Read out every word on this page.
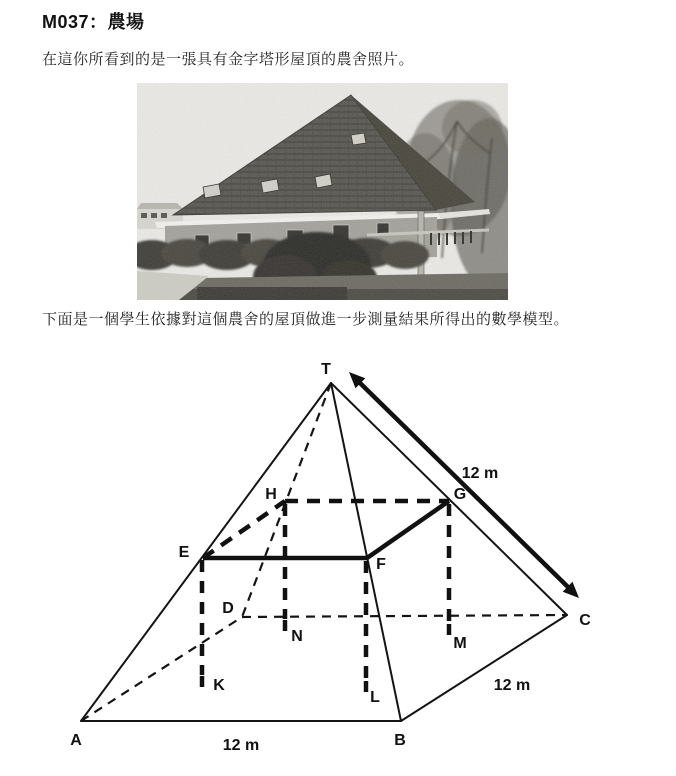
M037：農場
在這你所看到的是一張具有金字塔形屋頂的農舍照片。
下面是一個學生依據對這個農舍的屋頂做進一步測量結果所得出的數學模型。
T
A	B
C
D
E
F
G
H
K
L
M
N
12 m
12 m
12 m
